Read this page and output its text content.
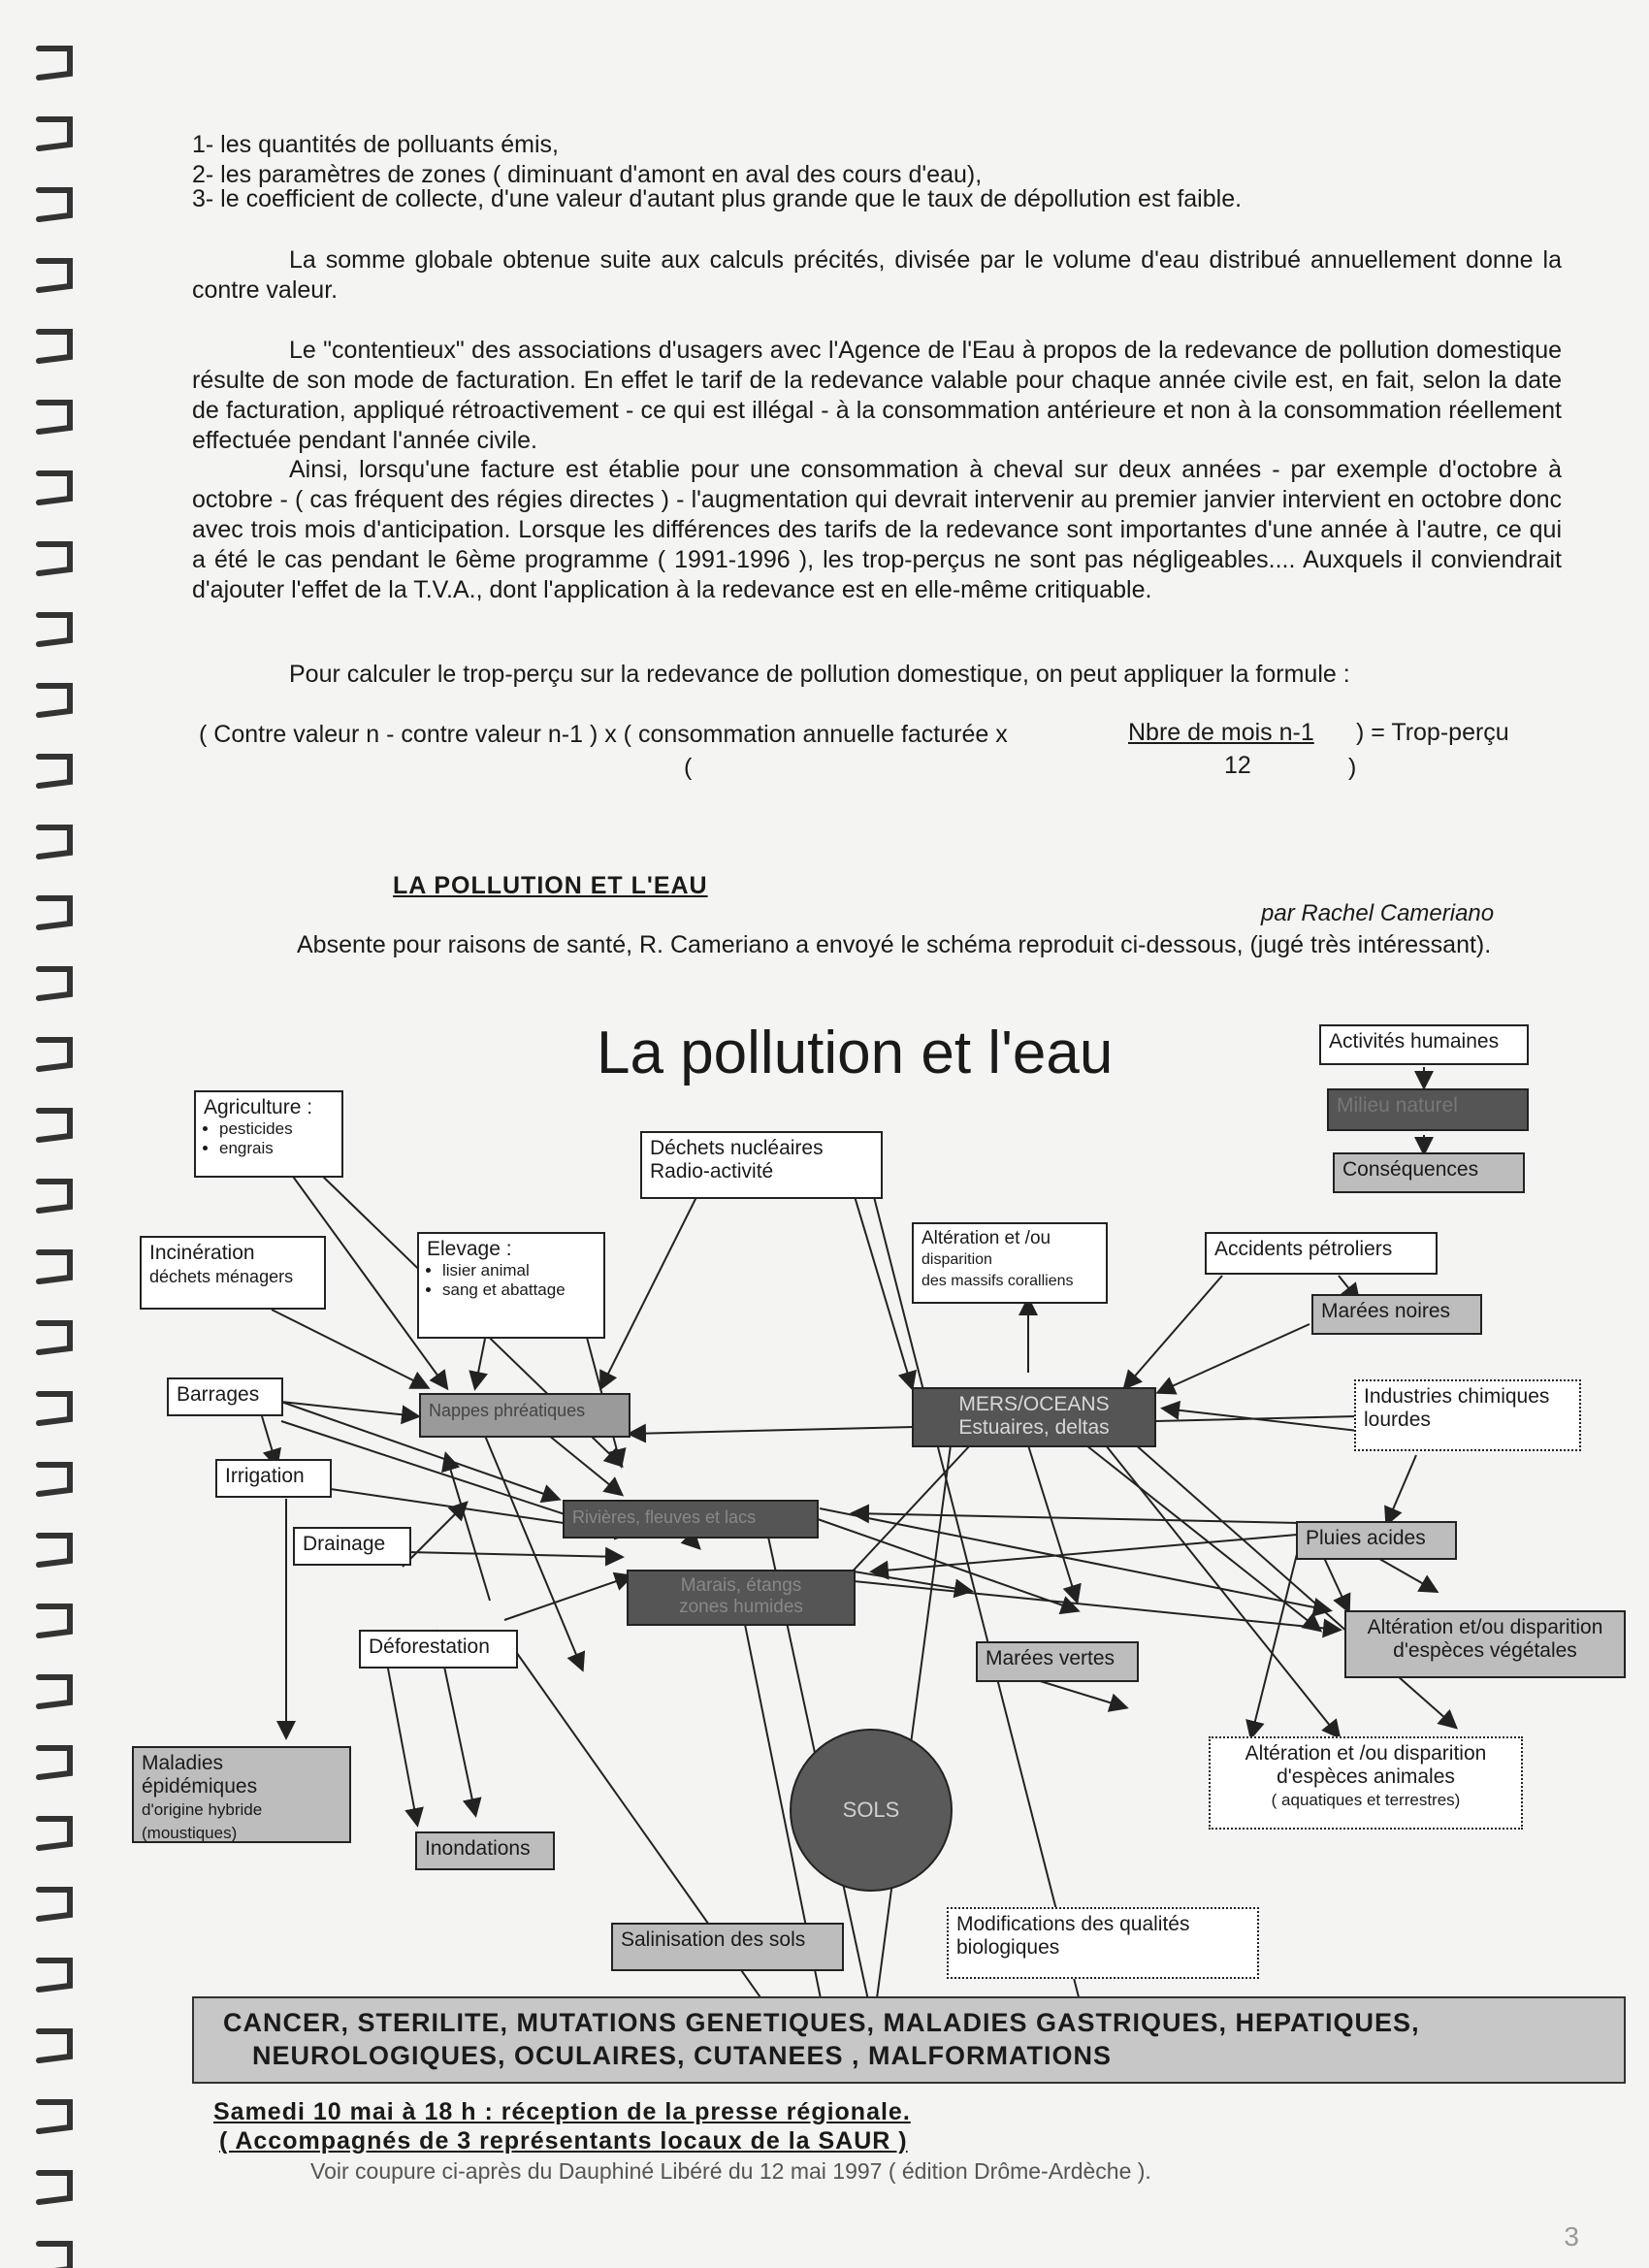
1- les quantités de polluants émis,
2- les paramètres de zones ( diminuant d'amont en aval des cours d'eau),
3- le coefficient de collecte, d'une valeur d'autant plus grande que le taux de dépollution est faible.
La somme globale obtenue suite aux calculs précités, divisée par le volume d'eau distribué annuellement donne la contre valeur.
Le "contentieux" des associations d'usagers avec l'Agence de l'Eau à propos de la redevance de pollution domestique résulte de son mode de facturation. En effet le tarif de la redevance valable pour chaque année civile est, en fait, selon la date de facturation, appliqué rétroactivement - ce qui est illégal - à la consommation antérieure et non à la consommation réellement effectuée pendant l'année civile.
Ainsi, lorsqu'une facture est établie pour une consommation à cheval sur deux années - par exemple d'octobre à octobre - ( cas fréquent des régies directes ) - l'augmentation qui devrait intervenir au premier janvier intervient en octobre donc avec trois mois d'anticipation. Lorsque les différences des tarifs de la redevance sont importantes d'une année à l'autre, ce qui a été le cas pendant le 6ème programme ( 1991-1996 ), les trop-perçus ne sont pas négligeables.... Auxquels il conviendrait d'ajouter l'effet de la T.V.A., dont l'application à la redevance est en elle-même critiquable.
Pour calculer le trop-perçu sur la redevance de pollution domestique, on peut appliquer la formule :
( Contre valeur n - contre valeur n-1 ) x ( consommation annuelle facturée x	Nbre de mois n-1 ) = Trop-perçu
(	12	)
LA POLLUTION ET L'EAU
par Rachel Cameriano
Absente pour raisons de santé, R. Cameriano a envoyé le schéma reproduit ci-dessous, (jugé très intéressant).
La pollution et l'eau	Activités humaines
Milieu naturel
Conséquences
Agriculture :
• pesticides
• engrais	Déchets nucléaires
Radio-activité
Incinération
déchets ménagers
Elevage :
• lisier animal
• sang et abattage
Altération et /ou
disparition
des massifs coralliens
Accidents pétroliers
Marées noires
Barrages
Nappes phréatiques	MERS/OCEANS
Estuaires, deltas
Industries chimiques
lourdes
Irrigation
Rivières, fleuves et lacs
Drainage
Marais, étangs
zones humides
Pluies acides
Déforestation
Marées vertes
Altération et/ou disparition
d'espèces végétales
Maladies épidémiques
d'origine hybride
(moustiques)
SOLS
Altération et /ou disparition
d'espèces animales
( aquatiques et terrestres)
Inondations
Salinisation des sols
Modifications des qualités
biologiques
CANCER, STERILITE, MUTATIONS GENETIQUES, MALADIES GASTRIQUES, HEPATIQUES,
NEUROLOGIQUES, OCULAIRES, CUTANEES , MALFORMATIONS
Samedi 10 mai à 18 h : réception de la presse régionale.
( Accompagnés de 3 représentants locaux de la SAUR )
Voir coupure ci-après du Dauphiné Libéré du 12 mai 1997 ( édition Drôme-Ardèche ).
3
